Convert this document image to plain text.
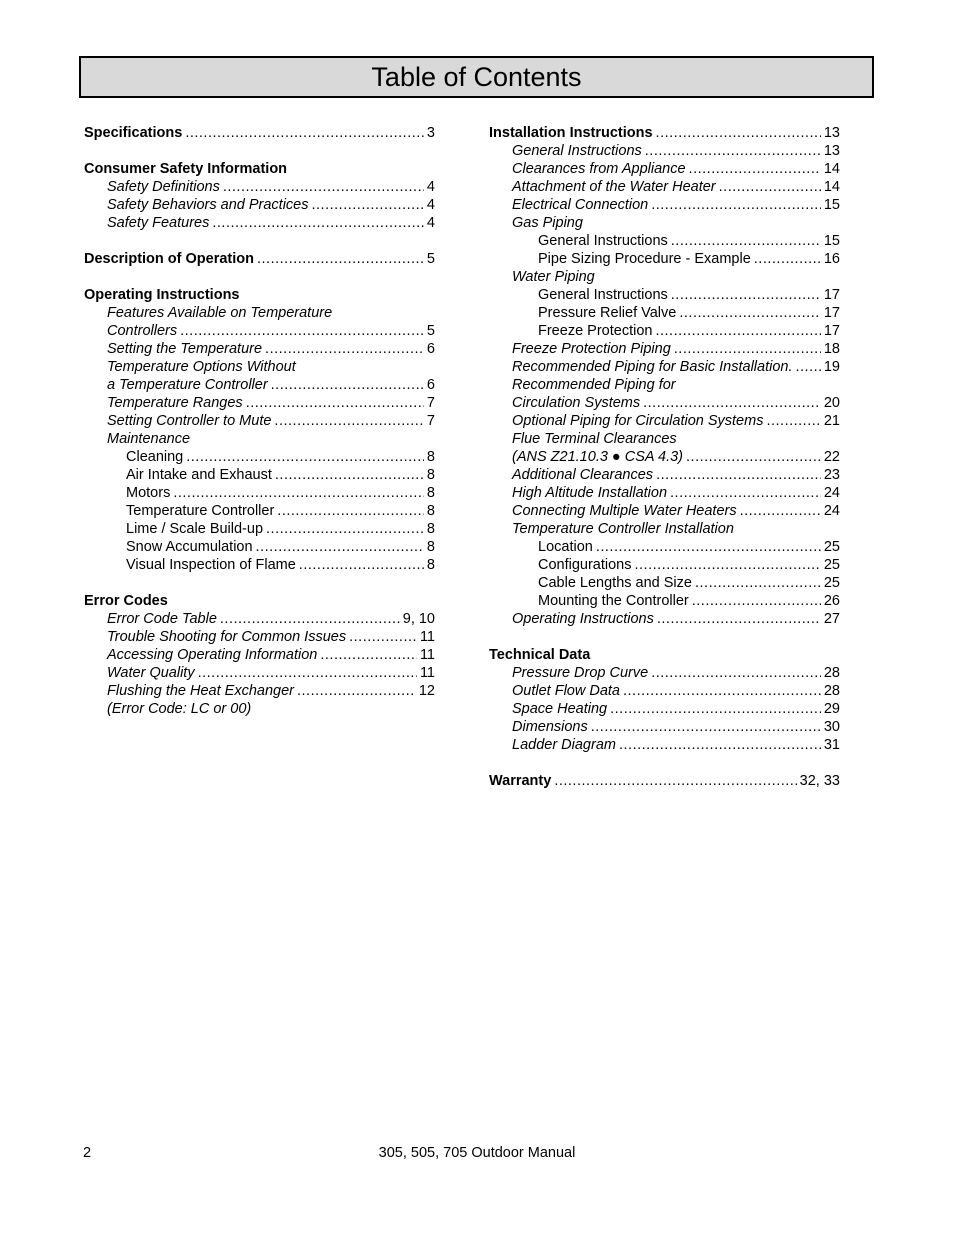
Table of Contents
Specifications .....	3
Consumer Safety Information
Safety Definitions .....	4
Safety Behaviors and Practices .....	4
Safety Features .....	4
Description of Operation .....	5
Operating Instructions
Features Available on Temperature
Controllers .....	5
Setting the Temperature .....	6
Temperature Options Without
a Temperature Controller .....	6
Temperature Ranges .....	7
Setting Controller to Mute .....	7
Maintenance
Cleaning .....	8
Air Intake and Exhaust .....	8
Motors .....	8
Temperature Controller .....	8
Lime / Scale Build-up .....	8
Snow Accumulation .....	8
Visual Inspection of Flame .....	8
Error Codes
Error Code Table .....	9, 10
Trouble Shooting for Common Issues .....	11
Accessing Operating Information .....	11
Water Quality .....	11
Flushing the Heat Exchanger .....	12
(Error Code: LC or 00)
Installation Instructions .....	13
General Instructions .....	13
Clearances from Appliance .....	14
Attachment of the Water Heater .....	14
Electrical Connection .....	15
Gas Piping
General Instructions .....	15
Pipe Sizing Procedure - Example .....	16
Water Piping
General Instructions .....	17
Pressure Relief Valve .....	17
Freeze Protection .....	17
Freeze Protection Piping .....	18
Recommended Piping for Basic Installation. ..... 19
Recommended Piping for
Circulation Systems .....	20
Optional Piping for Circulation Systems .....	21
Flue Terminal Clearances
(ANS Z21.10.3 ● CSA 4.3) .....	22
Additional Clearances .....	23
High Altitude Installation .....	24
Connecting Multiple Water Heaters .....	24
Temperature Controller Installation
Location .....	25
Configurations .....	25
Cable Lengths and Size .....	25
Mounting the Controller .....	26
Operating Instructions .....	27
Technical Data
Pressure Drop Curve .....	28
Outlet Flow Data .....	28
Space Heating .....	29
Dimensions .....	30
Ladder Diagram .....	31
Warranty .....	32, 33
2	305, 505, 705 Outdoor Manual
